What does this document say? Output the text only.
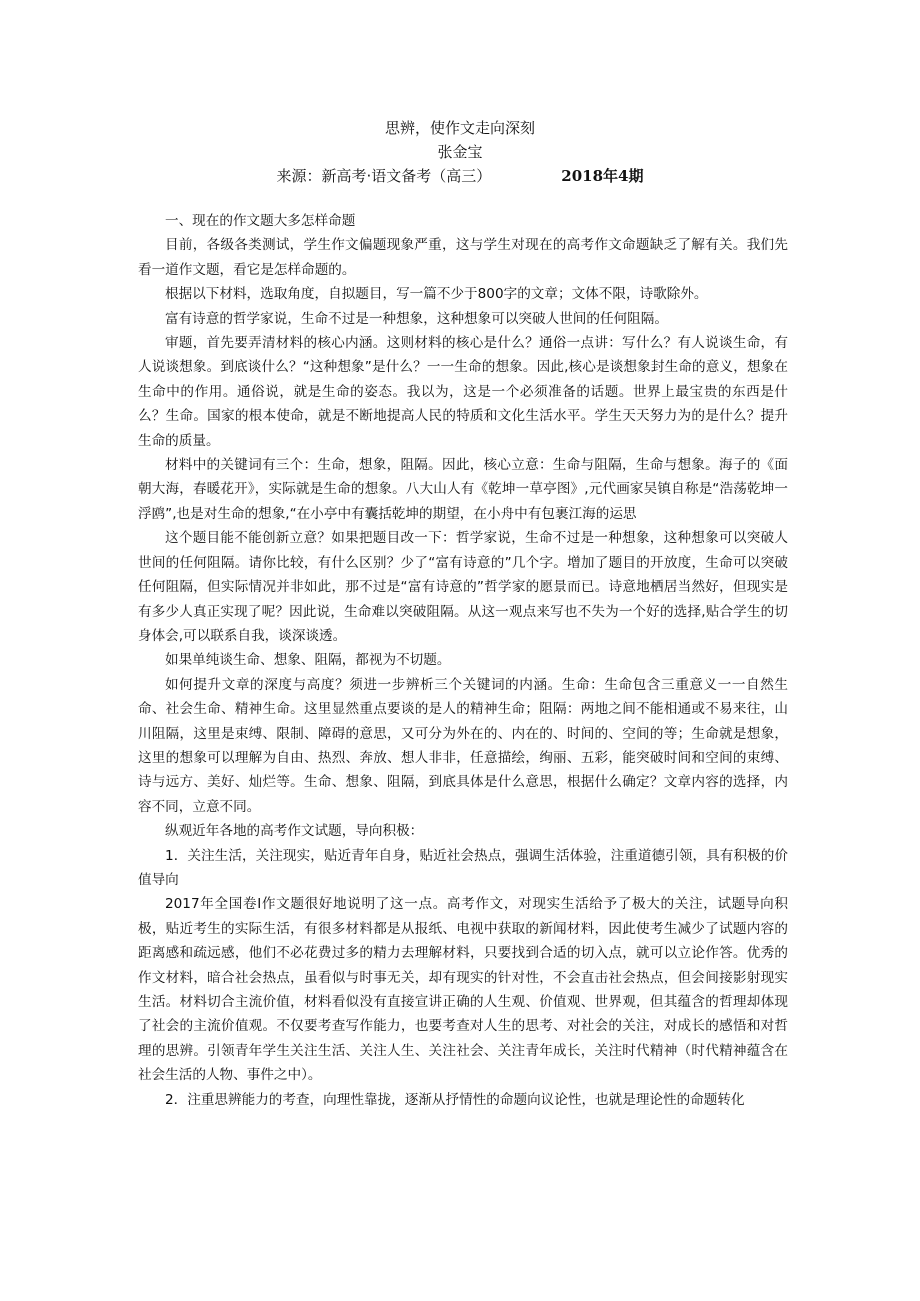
思辨，使作文走向深刻
张金宝
来源：新高考·语文备考（高三）	2018年4期

一、现在的作文题大多怎样命题

目前，各级各类测试，学生作文偏题现象严重，这与学生对现在的高考作文命题缺乏了解有关。我们先看一道作文题，看它是怎样命题的。

根据以下材料，选取角度，自拟题目，写一篇不少于800字的文章；文体不限，诗歌除外。

富有诗意的哲学家说，生命不过是一种想象，这种想象可以突破人世间的任何阻隔。

审题，首先要弄清材料的核心内涵。这则材料的核心是什么？通俗一点讲：写什么？有人说谈生命，有人说谈想象。到底谈什么？“这种想象”是什么？一一生命的想象。因此,核心是谈想象封生命的意义，想象在生命中的作用。通俗说，就是生命的姿态。我以为，这是一个必须准备的话题。世界上最宝贵的东西是什么？生命。国家的根本使命，就是不断地提高人民的特质和文化生活水平。学生天天努力为的是什么？提升生命的质量。

材料中的关键词有三个：生命，想象，阻隔。因此，核心立意：生命与阻隔，生命与想象。海子的《面朝大海，春暖花开》，实际就是生命的想象。八大山人有《乾坤一草亭图》,元代画家吴镇自称是“浩荡乾坤一浮鸥”,也是对生命的想象,“在小亭中有囊括乾坤的期望，在小舟中有包裹江海的运思

这个题目能不能创新立意？如果把题目改一下：哲学家说，生命不过是一种想象，这种想象可以突破人世间的任何阻隔。请你比较，有什么区别？少了“富有诗意的”几个字。增加了题目的开放度，生命可以突破任何阻隔，但实际情况并非如此，那不过是“富有诗意的”哲学家的愿景而已。诗意地栖居当然好，但现实是有多少人真正实现了呢？因此说，生命难以突破阻隔。从这一观点来写也不失为一个好的选择,贴合学生的切身体会,可以联系自我，谈深谈透。

如果单纯谈生命、想象、阻隔，都视为不切题。

如何提升文章的深度与高度？须进一步辨析三个关键词的内涵。生命：生命包含三重意义一一自然生命、社会生命、精神生命。这里显然重点要谈的是人的精神生命；阻隔：两地之间不能相通或不易来往，山川阻隔，这里是束缚、限制、障碍的意思，又可分为外在的、内在的、时间的、空间的等；生命就是想象，这里的想象可以理解为自由、热烈、奔放、想人非非，任意描绘，绚丽、五彩，能突破时间和空间的束缚、诗与远方、美好、灿烂等。生命、想象、阻隔，到底具体是什么意思，根据什么确定？文章内容的选择，内容不同，立意不同。

纵观近年各地的高考作文试题，导向积极：

1．关注生活，关注现实，贴近青年自身，贴近社会热点，强调生活体验，注重道德引领，具有积极的价值导向

2017年全国卷Ⅰ作文题很好地说明了这一点。高考作文，对现实生活给予了极大的关注，试题导向积极，贴近考生的实际生活，有很多材料都是从报纸、电视中获取的新闻材料，因此使考生减少了试题内容的距离感和疏远感，他们不必花费过多的精力去理解材料，只要找到合适的切入点，就可以立论作答。优秀的作文材料，暗合社会热点，虽看似与时事无关，却有现实的针对性，不会直击社会热点，但会间接影射现实生活。材料切合主流价值，材料看似没有直接宣讲正确的人生观、价值观、世界观，但其蕴含的哲理却体现了社会的主流价值观。不仅要考查写作能力，也要考查对人生的思考、对社会的关注，对成长的感悟和对哲理的思辨。引领青年学生关注生活、关注人生、关注社会、关注青年成长，关注时代精神（时代精神蕴含在社会生活的人物、事件之中）。

2．注重思辨能力的考查，向理性靠拢，逐渐从抒情性的命题向议论性，也就是理论性的命题转化
